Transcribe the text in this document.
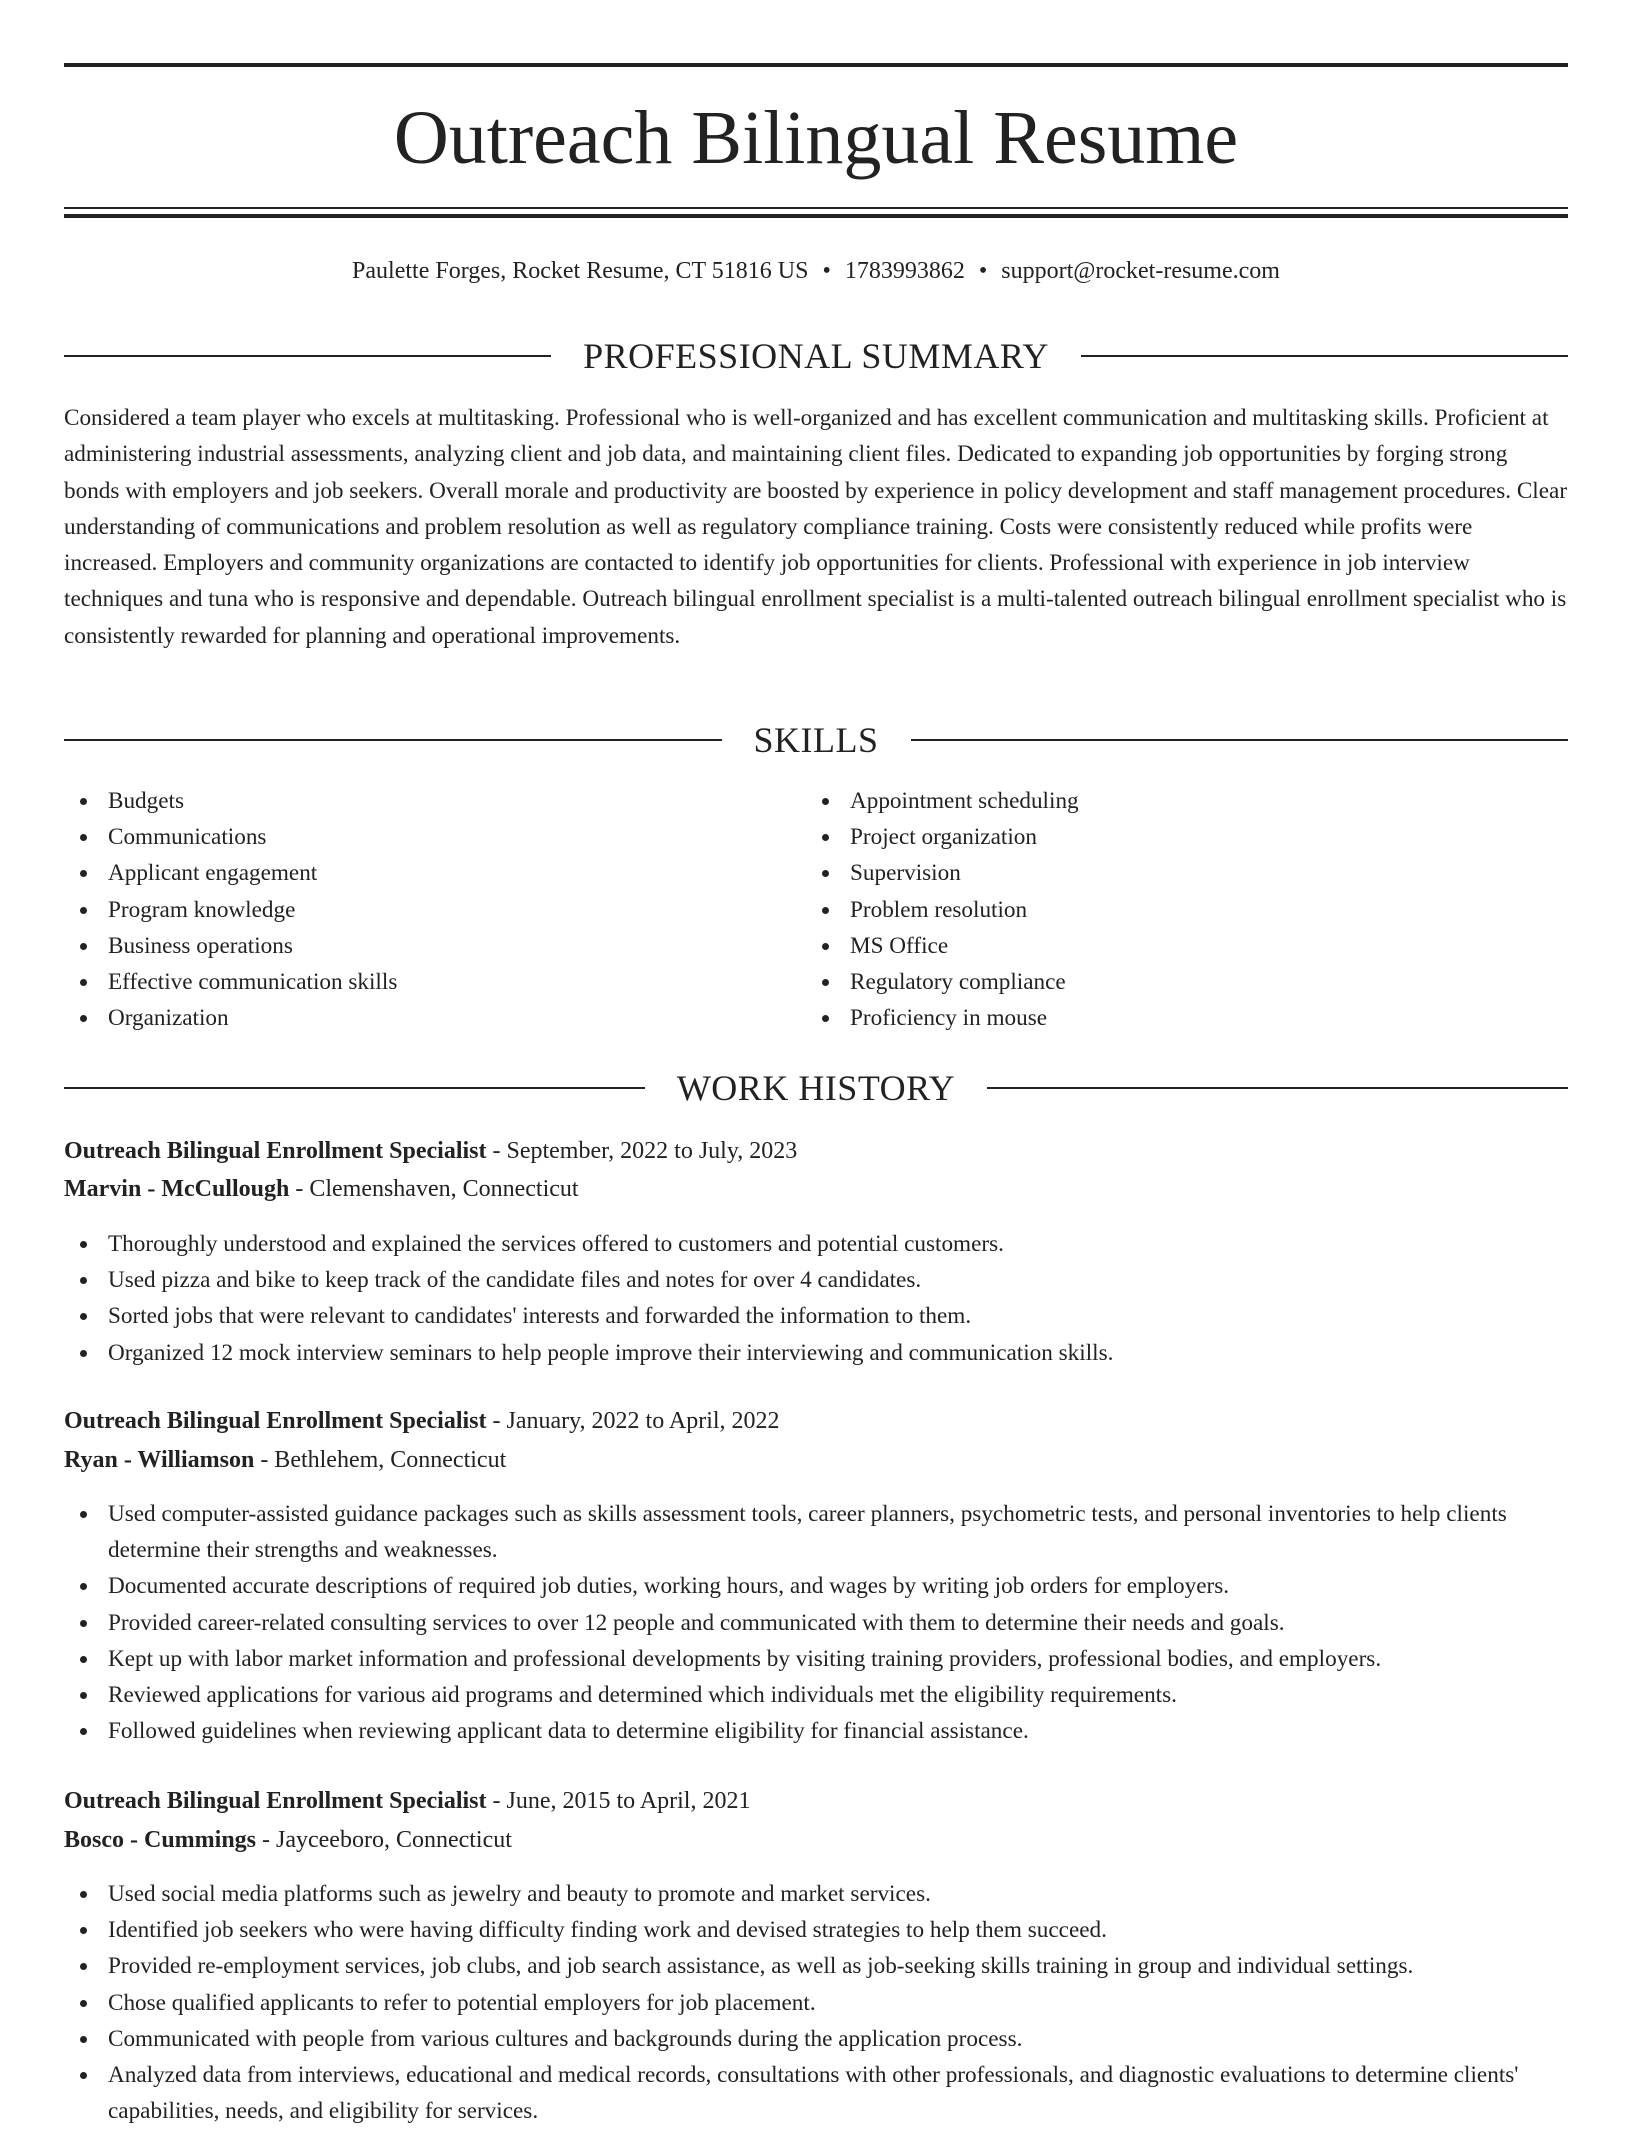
Outreach Bilingual Resume
Paulette Forges, Rocket Resume, CT 51816 US • 1783993862 • support@rocket-resume.com
PROFESSIONAL SUMMARY

Considered a team player who excels at multitasking. Professional who is well-organized and has excellent communication and multitasking skills. Proficient at administering industrial assessments, analyzing client and job data, and maintaining client files. Dedicated to expanding job opportunities by forging strong bonds with employers and job seekers. Overall morale and productivity are boosted by experience in policy development and staff management procedures. Clear understanding of communications and problem resolution as well as regulatory compliance training. Costs were consistently reduced while profits were increased. Employers and community organizations are contacted to identify job opportunities for clients. Professional with experience in job interview techniques and tuna who is responsive and dependable. Outreach bilingual enrollment specialist is a multi-talented outreach bilingual enrollment specialist who is consistently rewarded for planning and operational improvements.

SKILLS
Budgets
Communications
Applicant engagement
Program knowledge
Business operations
Effective communication skills
Organization
Appointment scheduling
Project organization
Supervision
Problem resolution
MS Office
Regulatory compliance
Proficiency in mouse
WORK HISTORY
Outreach Bilingual Enrollment Specialist - September, 2022 to July, 2023
Marvin - McCullough - Clemenshaven, Connecticut
Thoroughly understood and explained the services offered to customers and potential customers.
Used pizza and bike to keep track of the candidate files and notes for over 4 candidates.
Sorted jobs that were relevant to candidates' interests and forwarded the information to them.
Organized 12 mock interview seminars to help people improve their interviewing and communication skills.
Outreach Bilingual Enrollment Specialist - January, 2022 to April, 2022
Ryan - Williamson - Bethlehem, Connecticut
Used computer-assisted guidance packages such as skills assessment tools, career planners, psychometric tests, and personal inventories to help clients determine their strengths and weaknesses.
Documented accurate descriptions of required job duties, working hours, and wages by writing job orders for employers.
Provided career-related consulting services to over 12 people and communicated with them to determine their needs and goals.
Kept up with labor market information and professional developments by visiting training providers, professional bodies, and employers.
Reviewed applications for various aid programs and determined which individuals met the eligibility requirements.
Followed guidelines when reviewing applicant data to determine eligibility for financial assistance.
Outreach Bilingual Enrollment Specialist - June, 2015 to April, 2021
Bosco - Cummings - Jayceeboro, Connecticut
Used social media platforms such as jewelry and beauty to promote and market services.
Identified job seekers who were having difficulty finding work and devised strategies to help them succeed.
Provided re-employment services, job clubs, and job search assistance, as well as job-seeking skills training in group and individual settings.
Chose qualified applicants to refer to potential employers for job placement.
Communicated with people from various cultures and backgrounds during the application process.
Analyzed data from interviews, educational and medical records, consultations with other professionals, and diagnostic evaluations to determine clients' capabilities, needs, and eligibility for services.
